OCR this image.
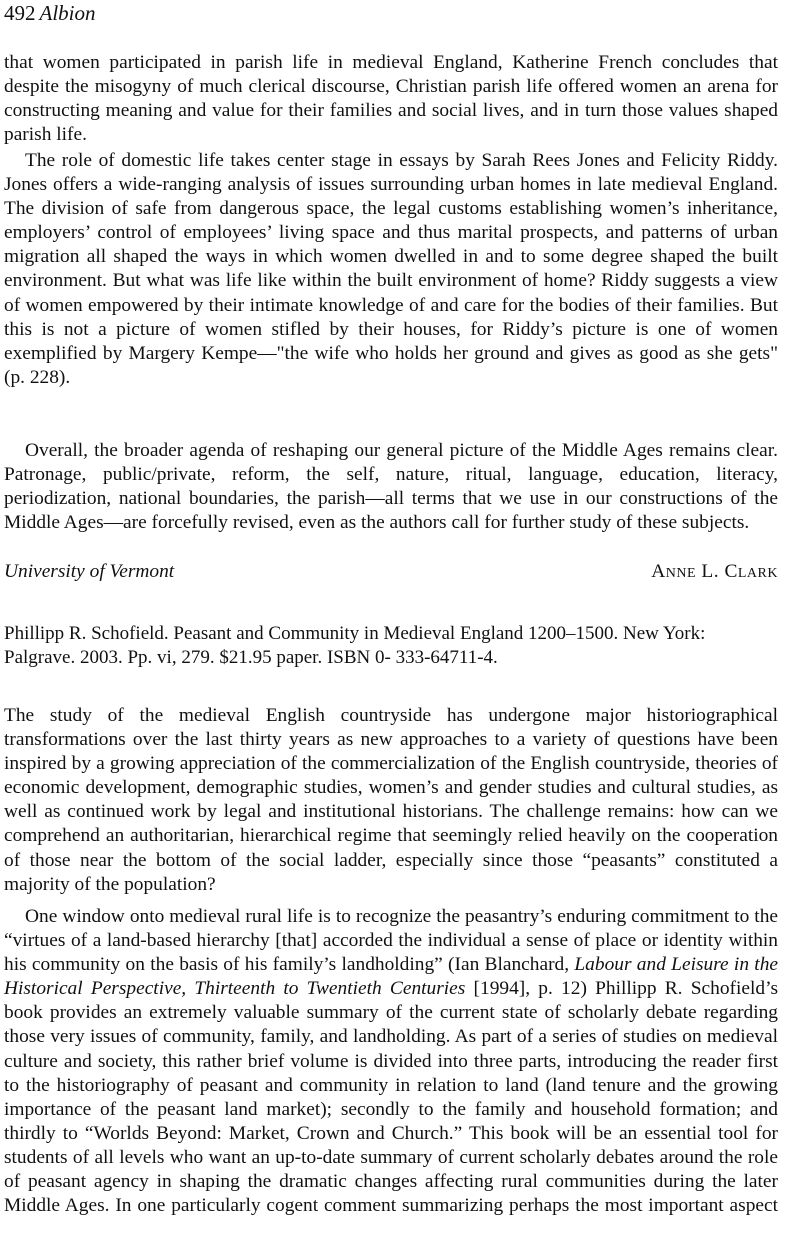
492 Albion

that women participated in parish life in medieval England, Katherine French concludes that despite the misogyny of much clerical discourse, Christian parish life offered women an arena for constructing meaning and value for their families and social lives, and in turn those values shaped parish life.

The role of domestic life takes center stage in essays by Sarah Rees Jones and Felicity Riddy. Jones offers a wide-ranging analysis of issues surrounding urban homes in late medieval England. The division of safe from dangerous space, the legal customs establishing women’s inheritance, employers’ control of employees’ living space and thus marital prospects, and patterns of urban migration all shaped the ways in which women dwelled in and to some degree shaped the built environment. But what was life like within the built environment of home? Riddy suggests a view of women empowered by their intimate knowledge of and care for the bodies of their families. But this is not a picture of women stifled by their houses, for Riddy’s picture is one of women exemplified by Margery Kempe—"the wife who holds her ground and gives as good as she gets" (p. 228).

Overall, the broader agenda of reshaping our general picture of the Middle Ages remains clear. Patronage, public/private, reform, the self, nature, ritual, language, education, literacy, periodization, national boundaries, the parish—all terms that we use in our constructions of the Middle Ages—are forcefully revised, even as the authors call for further study of these subjects.

University of Vermont	Anne L. Clark

Phillipp R. Schofield. Peasant and Community in Medieval England 1200–1500. New York: Palgrave. 2003. Pp. vi, 279. $21.95 paper. ISBN 0- 333-64711-4.

The study of the medieval English countryside has undergone major historiographical transformations over the last thirty years as new approaches to a variety of questions have been inspired by a growing appreciation of the commercialization of the English countryside, theories of economic development, demographic studies, women’s and gender studies and cultural studies, as well as continued work by legal and institutional historians. The challenge remains: how can we comprehend an authoritarian, hierarchical regime that seemingly relied heavily on the cooperation of those near the bottom of the social ladder, especially since those “peasants” constituted a majority of the population?

One window onto medieval rural life is to recognize the peasantry’s enduring commitment to the “virtues of a land-based hierarchy [that] accorded the individual a sense of place or identity within his community on the basis of his family’s landholding” (Ian Blanchard, Labour and Leisure in the Historical Perspective, Thirteenth to Twentieth Centuries [1994], p. 12) Phillipp R. Schofield’s book provides an extremely valuable summary of the current state of scholarly debate regarding those very issues of community, family, and landholding. As part of a series of studies on medieval culture and society, this rather brief volume is divided into three parts, introducing the reader first to the historiography of peasant and community in relation to land (land tenure and the growing importance of the peasant land market); secondly to the family and household formation; and thirdly to “Worlds Beyond: Market, Crown and Church.” This book will be an essential tool for students of all levels who want an up-to-date summary of current scholarly debates around the role of peasant agency in shaping the dramatic changes affecting rural communities during the later Middle Ages. In one particularly cogent comment summarizing perhaps the most important aspect
